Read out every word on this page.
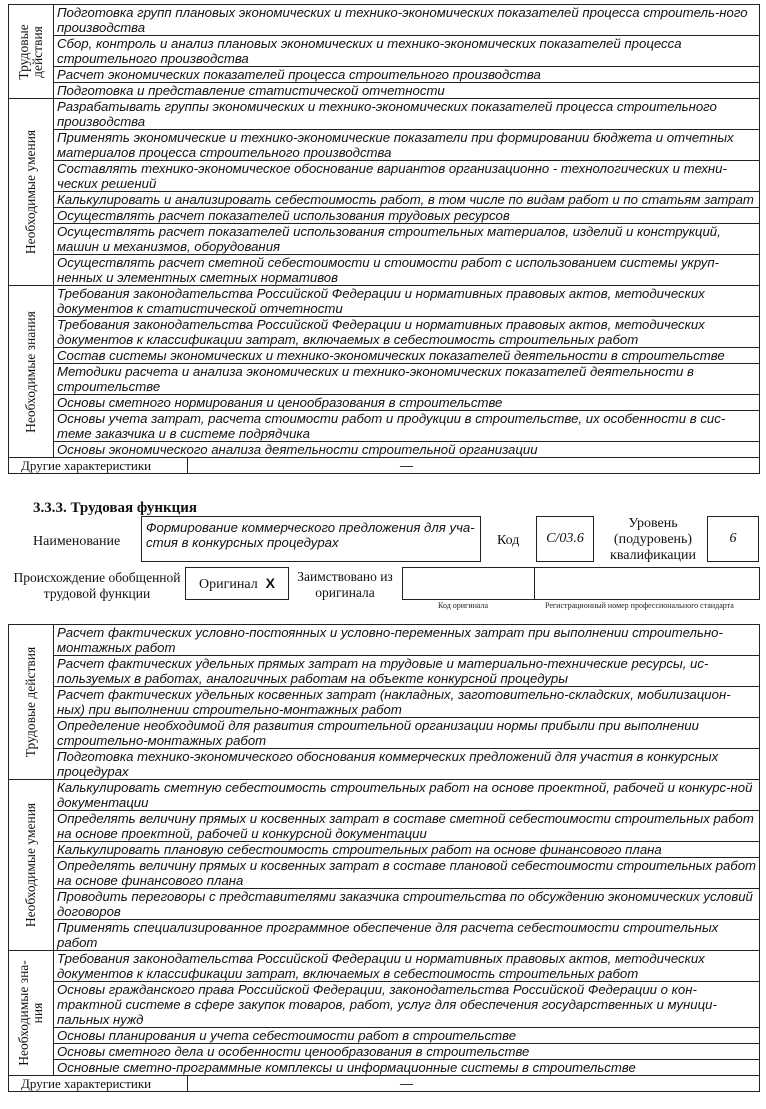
Трудовые действия	Подготовка групп плановых экономических и технико-экономических показателей процесса строитель-ного производства
	Сбор, контроль и анализ плановых экономических и технико-экономических показателей процесса строительного производства
	Расчет экономических показателей процесса строительного производства
	Подготовка и представление статистической отчетности

Необходимые умения	Разрабатывать группы экономических и технико-экономических показателей процесса строительного производства
	Применять экономические и технико-экономические показатели при формировании бюджета и отчетных материалов процесса строительного производства
	Составлять технико-экономическое обоснование вариантов организационно - технологических и техни-ческих решений
	Калькулировать и анализировать себестоимость работ, в том числе по видам работ и по статьям затрат
	Осуществлять расчет показателей использования трудовых ресурсов
	Осуществлять расчет показателей использования строительных материалов, изделий и конструкций, машин и механизмов, оборудования
	Осуществлять расчет сметной себестоимости и стоимости работ с использованием системы укруп-ненных и элементных сметных нормативов

Необходимые знания	Требования законодательства Российской Федерации и нормативных правовых актов, методических документов к статистической отчетности
	Требования законодательства Российской Федерации и нормативных правовых актов, методических документов к классификации затрат, включаемых в себестоимость строительных работ
	Состав системы экономических и технико-экономических показателей деятельности в строительстве
	Методики расчета и анализа экономических и технико-экономических показателей деятельности в строительстве
	Основы сметного нормирования и ценообразования в строительстве
	Основы учета затрат, расчета стоимости работ и продукции в строительстве, их особенности в сис-теме заказчика и в системе подрядчика
	Основы экономического анализа деятельности строительной организации

Другие характеристики	—
3.3.3. Трудовая функция
Наименование
Формирование коммерческого предложения для уча-стия в конкурсных процедурах	Код	C/03.6
Уровень (подуровень) квалификации
6
Происхождение обобщенной трудовой функции
Оригинал X	Заимствовано из оригинала
Код оригинала	Регистрационный номер профессионального стандарта
Трудовые действия	Расчет фактических условно-постоянных и условно-переменных затрат при выполнении строительно-монтажных работ
	Расчет фактических удельных прямых затрат на трудовые и материально-технические ресурсы, ис-пользуемых в работах, аналогичных работам на объекте конкурсной процедуры
	Расчет фактических удельных косвенных затрат (накладных, заготовительно-складских, мобилизацион-ных) при выполнении строительно-монтажных работ
	Определение необходимой для развития строительной организации нормы прибыли при выполнении строительно-монтажных работ
	Подготовка технико-экономического обоснования коммерческих предложений для участия в конкурсных процедурах

Необходимые умения	Калькулировать сметную себестоимость строительных работ на основе проектной, рабочей и конкурс-ной документации
	Определять величину прямых и косвенных затрат в составе сметной себестоимости строительных работ на основе проектной, рабочей и конкурсной документации
	Калькулировать плановую себестоимость строительных работ на основе финансового плана
	Определять величину прямых и косвенных затрат в составе плановой себестоимости строительных работ на основе финансового плана
	Проводить переговоры с представителями заказчика строительства по обсуждению экономических условий договоров
	Применять специализированное программное обеспечение для расчета себестоимости строительных работ

Необходимые зна- ния	Требования законодательства Российской Федерации и нормативных правовых актов, методических документов к классификации затрат, включаемых в себестоимость строительных работ
	Основы гражданского права Российской Федерации, законодательства Российской Федерации о кон-трактной системе в сфере закупок товаров, работ, услуг для обеспечения государственных и муници-пальных нужд
	Основы планирования и учета себестоимости работ в строительстве
	Основы сметного дела и особенности ценообразования в строительстве
	Основные сметно-программные комплексы и информационные системы в строительстве

Другие характеристики	—
